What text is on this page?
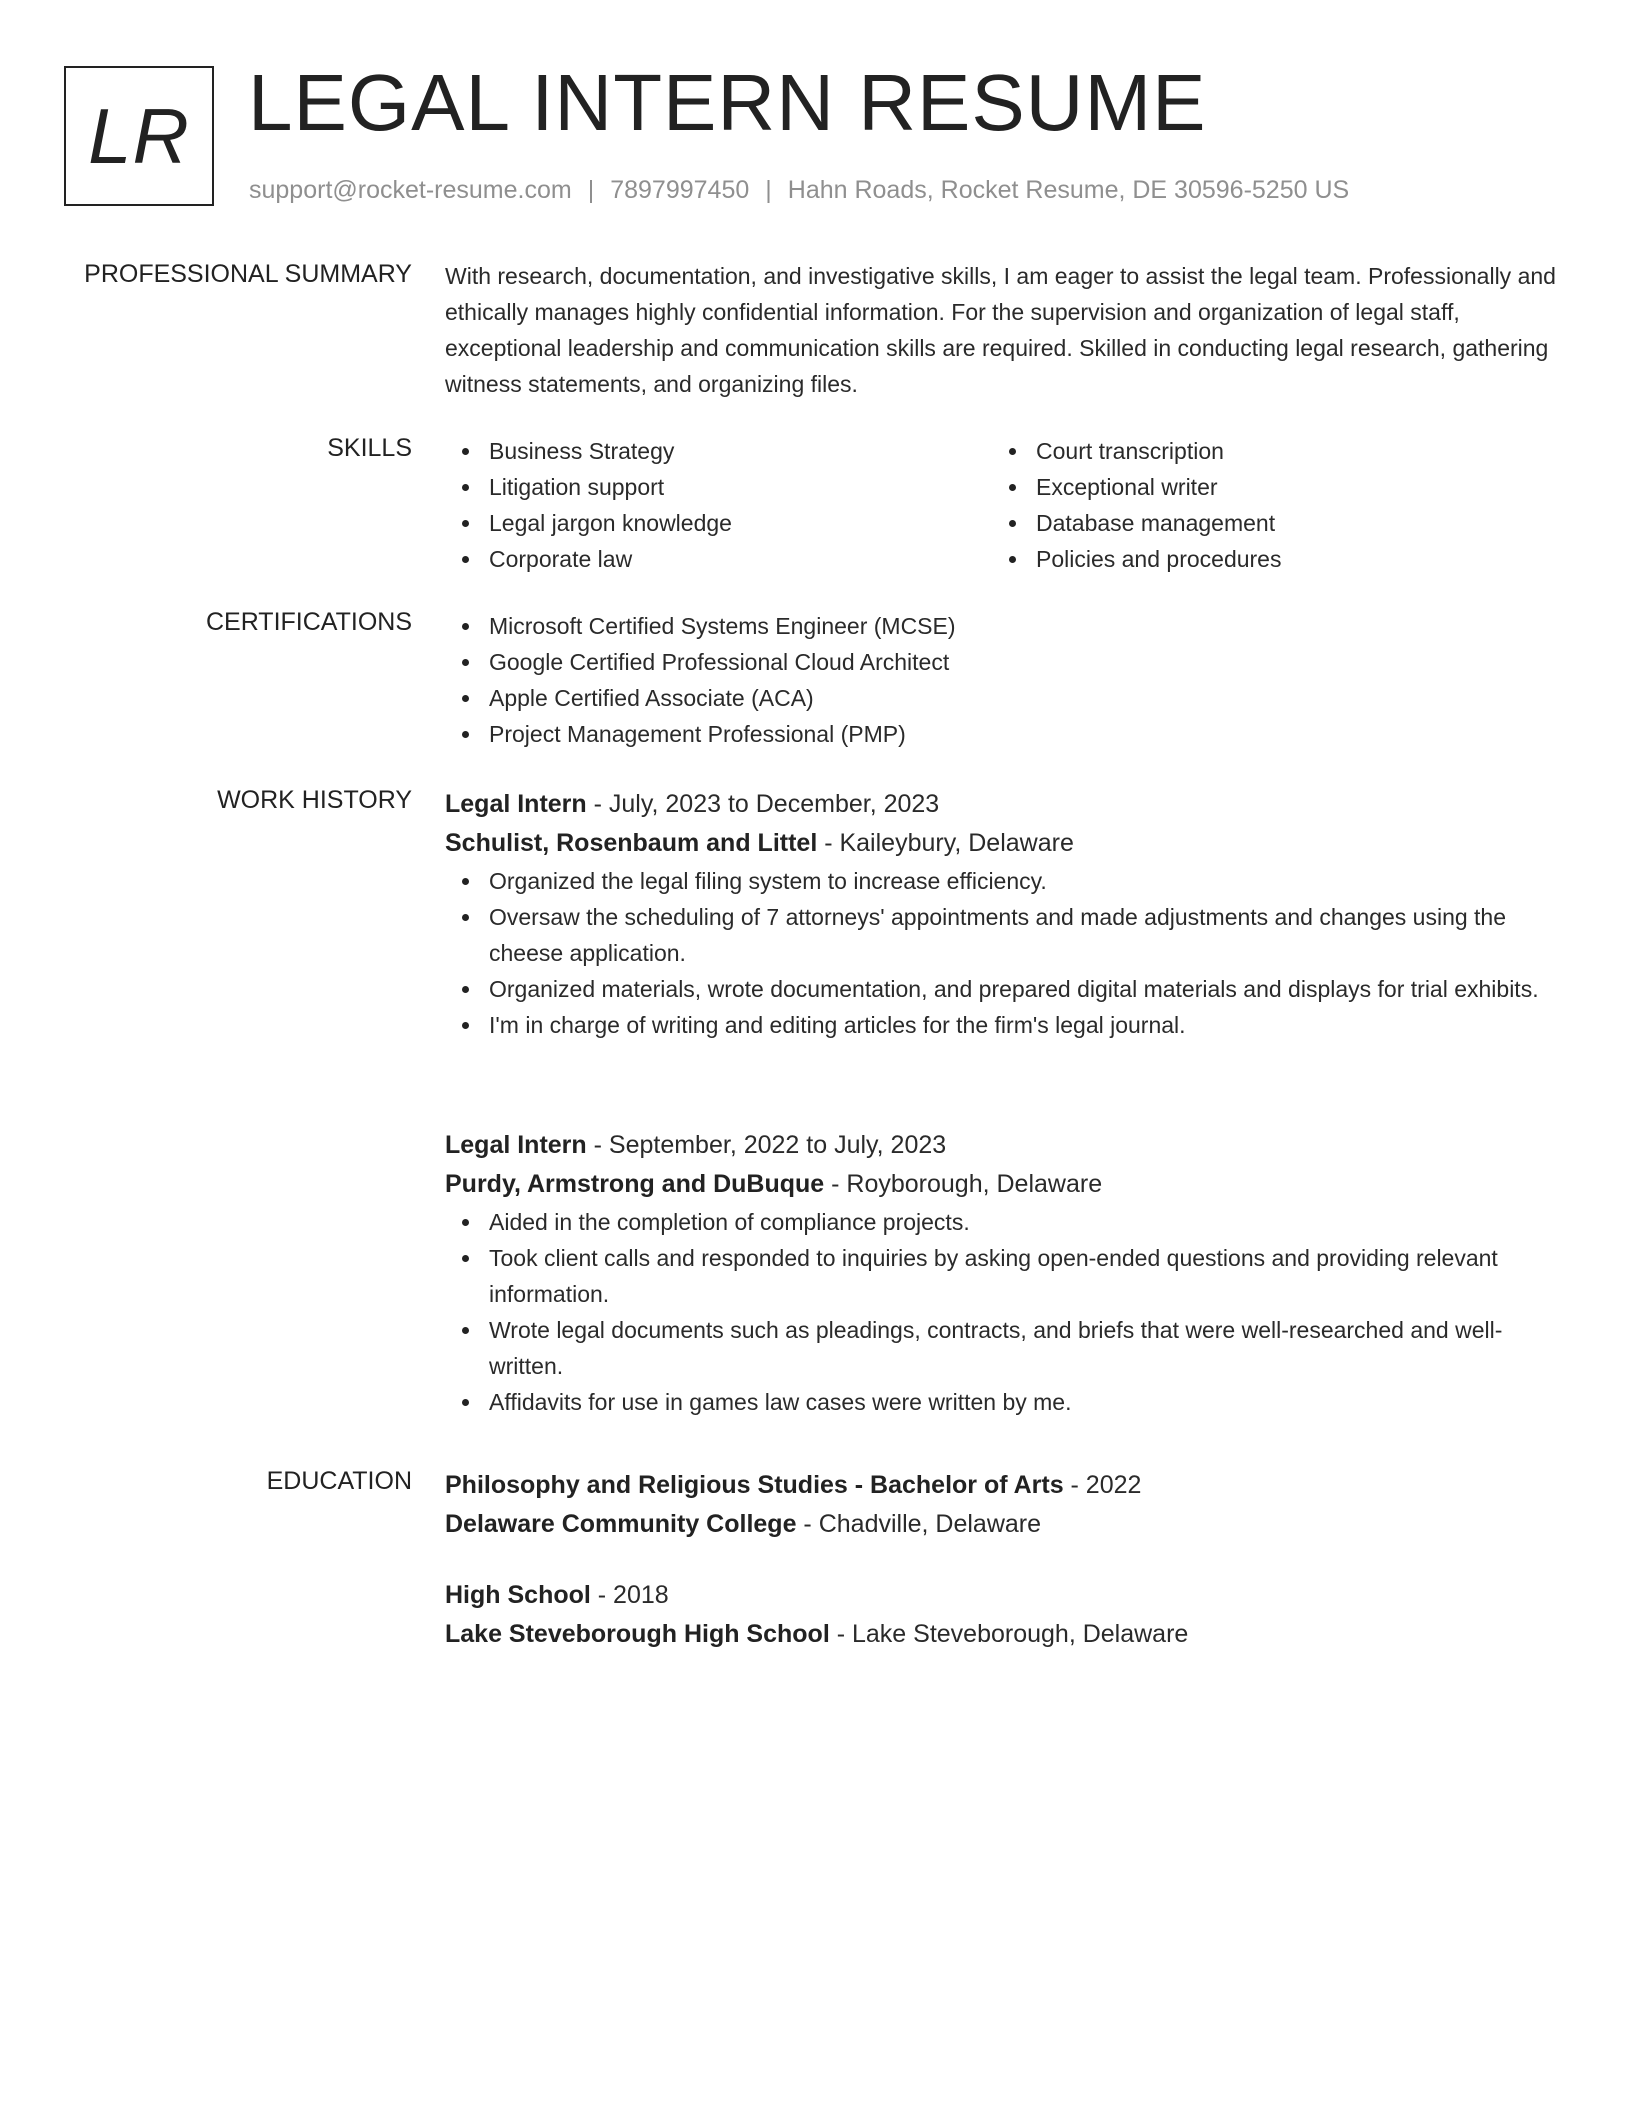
LR LEGAL INTERN RESUME
support@rocket-resume.com | 7897997450 | Hahn Roads, Rocket Resume, DE 30596-5250 US
PROFESSIONAL SUMMARY With research, documentation, and investigative skills, I am eager to assist the legal team. Professionally and ethically manages highly confidential information. For the supervision and organization of legal staff, exceptional leadership and communication skills are required. Skilled in conducting legal research, gathering witness statements, and organizing files.
SKILLS	Business Strategy
Litigation support
Legal jargon knowledge
Corporate law
Court transcription
Exceptional writer
Database management
Policies and procedures
CERTIFICATIONS	Microsoft Certified Systems Engineer (MCSE)
Google Certified Professional Cloud Architect
Apple Certified Associate (ACA)
Project Management Professional (PMP)
WORK HISTORY Legal Intern - July, 2023 to December, 2023
Schulist, Rosenbaum and Littel - Kaileybury, Delaware
Organized the legal filing system to increase efficiency.
Oversaw the scheduling of 7 attorneys' appointments and made adjustments and changes using the cheese application.
Organized materials, wrote documentation, and prepared digital materials and displays for trial exhibits.
I'm in charge of writing and editing articles for the firm's legal journal.
Legal Intern - September, 2022 to July, 2023
Purdy, Armstrong and DuBuque - Royborough, Delaware
Aided in the completion of compliance projects.
Took client calls and responded to inquiries by asking open-ended questions and providing relevant information.
Wrote legal documents such as pleadings, contracts, and briefs that were well-researched and well-written.
Affidavits for use in games law cases were written by me.
EDUCATION Philosophy and Religious Studies - Bachelor of Arts - 2022
Delaware Community College - Chadville, Delaware
High School - 2018
Lake Steveborough High School - Lake Steveborough, Delaware
